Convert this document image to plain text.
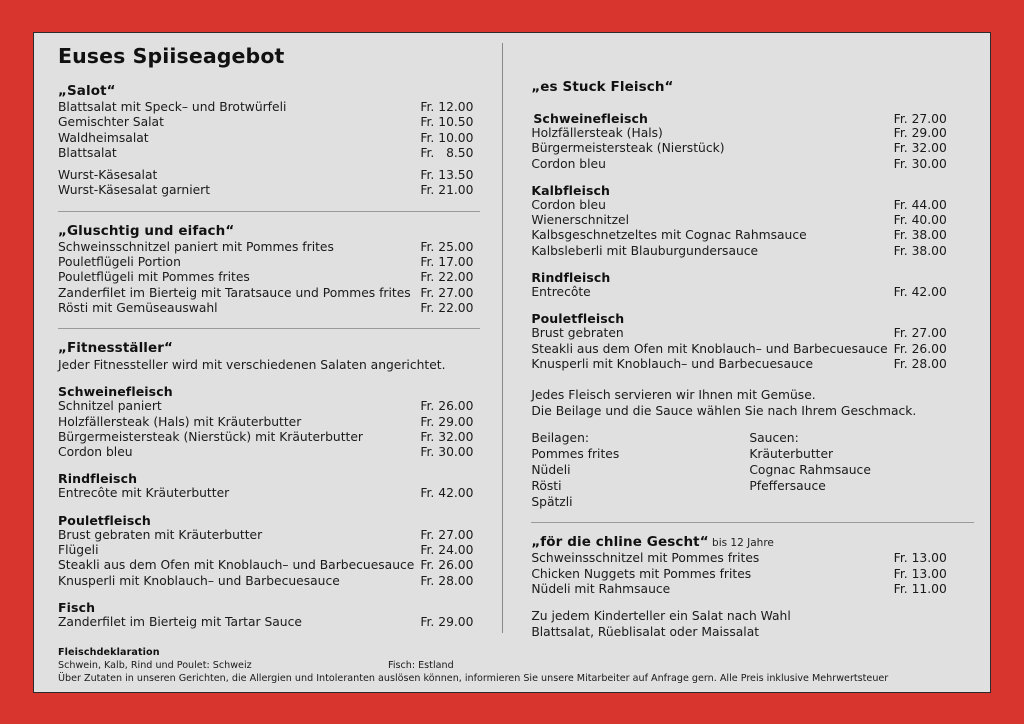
Euses Spiiseagebot
„Salot“
Blattsalat mit Speck– und Brotwürfeli	Fr. 12.00
Gemischter Salat	Fr. 10.50
Waldheimsalat	Fr. 10.00
Blattsalat	Fr.   8.50
Wurst-Käsesalat	Fr. 13.50
Wurst-Käsesalat garniert	Fr. 21.00
„Gluschtig und eifach“
Schweinsschnitzel paniert mit Pommes frites	Fr. 25.00
Pouletflügeli Portion	Fr. 17.00
Pouletflügeli mit Pommes frites	Fr. 22.00
Zanderfilet im Bierteig mit Taratsauce und Pommes frites Fr. 27.00
Rösti mit Gemüseauswahl	Fr. 22.00
„Fitnesställer“
Jeder Fitnessteller wird mit verschiedenen Salaten angerichtet.
Schweinefleisch
Schnitzel paniert	Fr. 26.00
Holzfällersteak (Hals) mit Kräuterbutter	Fr. 29.00
Bürgermeistersteak (Nierstück) mit Kräuterbutter	Fr. 32.00
Cordon bleu	Fr. 30.00
Rindfleisch
Entrecôte mit Kräuterbutter	Fr. 42.00
Pouletfleisch
Brust gebraten mit Kräuterbutter	Fr. 27.00
Flügeli	Fr. 24.00
Steakli aus dem Ofen mit Knoblauch– und Barbecuesauce Fr. 26.00
Knusperli mit Knoblauch– und Barbecuesauce	Fr. 28.00
Fisch
Zanderfilet im Bierteig mit Tartar Sauce	Fr. 29.00
„es Stuck Fleisch“
Schweinefleisch	Fr. 27.00
Holzfällersteak (Hals)	Fr. 29.00
Bürgermeistersteak (Nierstück)	Fr. 32.00
Cordon bleu	Fr. 30.00
Kalbfleisch
Cordon bleu	Fr. 44.00
Wienerschnitzel	Fr. 40.00
Kalbsgeschnetzeltes mit Cognac Rahmsauce	Fr. 38.00
Kalbsleberli mit Blauburgundersauce	Fr. 38.00
Rindfleisch
Entrecôte	Fr. 42.00
Pouletfleisch
Brust gebraten	Fr. 27.00
Steakli aus dem Ofen mit Knoblauch– und Barbecuesauce Fr. 26.00
Knusperli mit Knoblauch– und Barbecuesauce	Fr. 28.00
Jedes Fleisch servieren wir Ihnen mit Gemüse.
Die Beilage und die Sauce wählen Sie nach Ihrem Geschmack.
Beilagen:
Pommes frites
Nüdeli
Rösti
Spätzli
Saucen:
Kräuterbutter
Cognac Rahmsauce
Pfeffersauce
„för die chline Gescht“ bis 12 Jahre
Schweinsschnitzel mit Pommes frites	Fr. 13.00
Chicken Nuggets mit Pommes frites	Fr. 13.00
Nüdeli mit Rahmsauce	Fr. 11.00
Zu jedem Kinderteller ein Salat nach Wahl
Blattsalat, Rüeblisalat oder Maissalat
Fleischdeklaration
Schwein, Kalb, Rind und Poulet: Schweiz	Fisch: Estland
Über Zutaten in unseren Gerichten, die Allergien und Intoleranten auslösen können, informieren Sie unsere Mitarbeiter auf Anfrage gern. Alle Preis inklusive Mehrwertsteuer
